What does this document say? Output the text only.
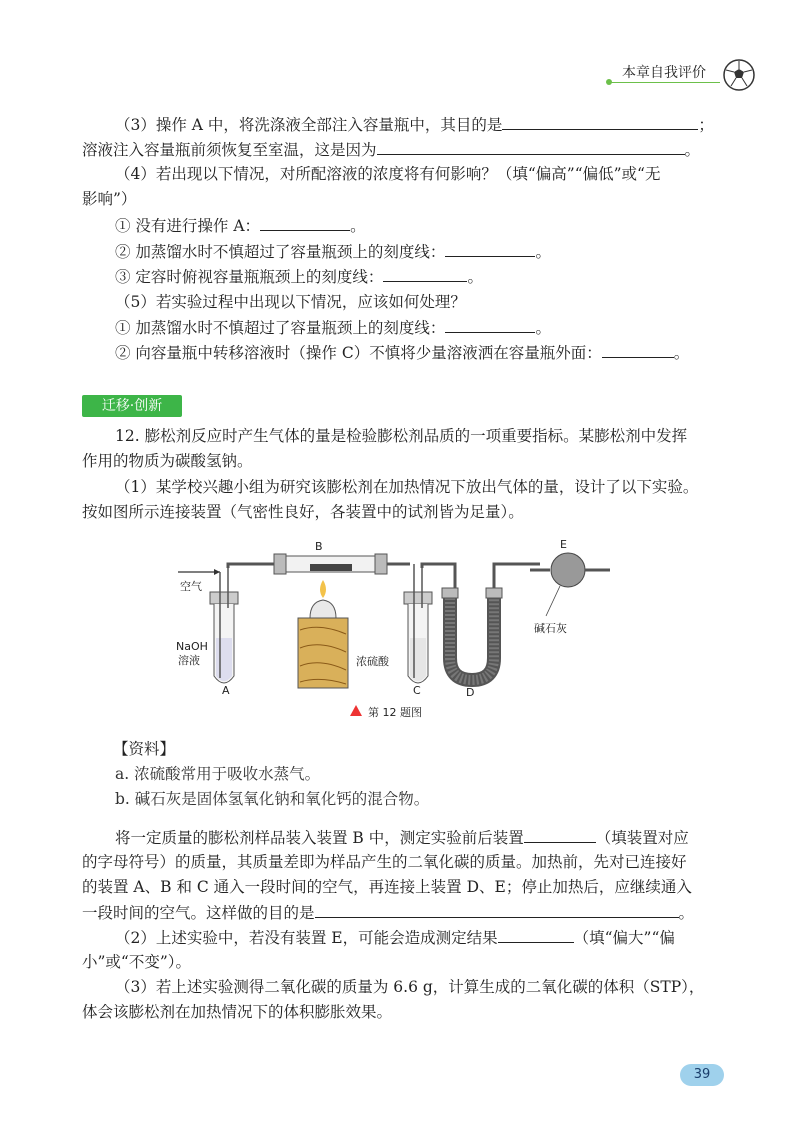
本章自我评价
（3）操作 A 中，将洗涤液全部注入容量瓶中，其目的是	；
溶液注入容量瓶前须恢复至室温，这是因为	。
（4）若出现以下情况，对所配溶液的浓度将有何影响？（填“偏高”“偏低”或“无
影响”）
① 没有进行操作 A：	。
② 加蒸馏水时不慎超过了容量瓶颈上的刻度线：	。
③ 定容时俯视容量瓶瓶颈上的刻度线：	。
（5）若实验过程中出现以下情况，应该如何处理？
① 加蒸馏水时不慎超过了容量瓶颈上的刻度线：	。
② 向容量瓶中转移溶液时（操作 C）不慎将少量溶液洒在容量瓶外面：	。
迁移·创新
12. 膨松剂反应时产生气体的量是检验膨松剂品质的一项重要指标。某膨松剂中发挥
作用的物质为碳酸氢钠。
（1）某学校兴趣小组为研究该膨松剂在加热情况下放出气体的量，设计了以下实验。
按如图所示连接装置（气密性良好，各装置中的试剂皆为足量）。
空气
NaOH
溶液
A
B
浓硫酸
C	D
E
碱石灰
第 12 题图
【资料】
a. 浓硫酸常用于吸收水蒸气。
b. 碱石灰是固体氢氧化钠和氧化钙的混合物。
将一定质量的膨松剂样品装入装置 B 中，测定实验前后装置	（填装置对应
的字母符号）的质量，其质量差即为样品产生的二氧化碳的质量。加热前，先对已连接好
的装置 A、B 和 C 通入一段时间的空气，再连接上装置 D、E；停止加热后，应继续通入
一段时间的空气。这样做的目的是	。
（2）上述实验中，若没有装置 E，可能会造成测定结果	（填“偏大”“偏
小”或“不变”）。
（3）若上述实验测得二氧化碳的质量为 6.6 g，计算生成的二氧化碳的体积（STP），
体会该膨松剂在加热情况下的体积膨胀效果。
39
